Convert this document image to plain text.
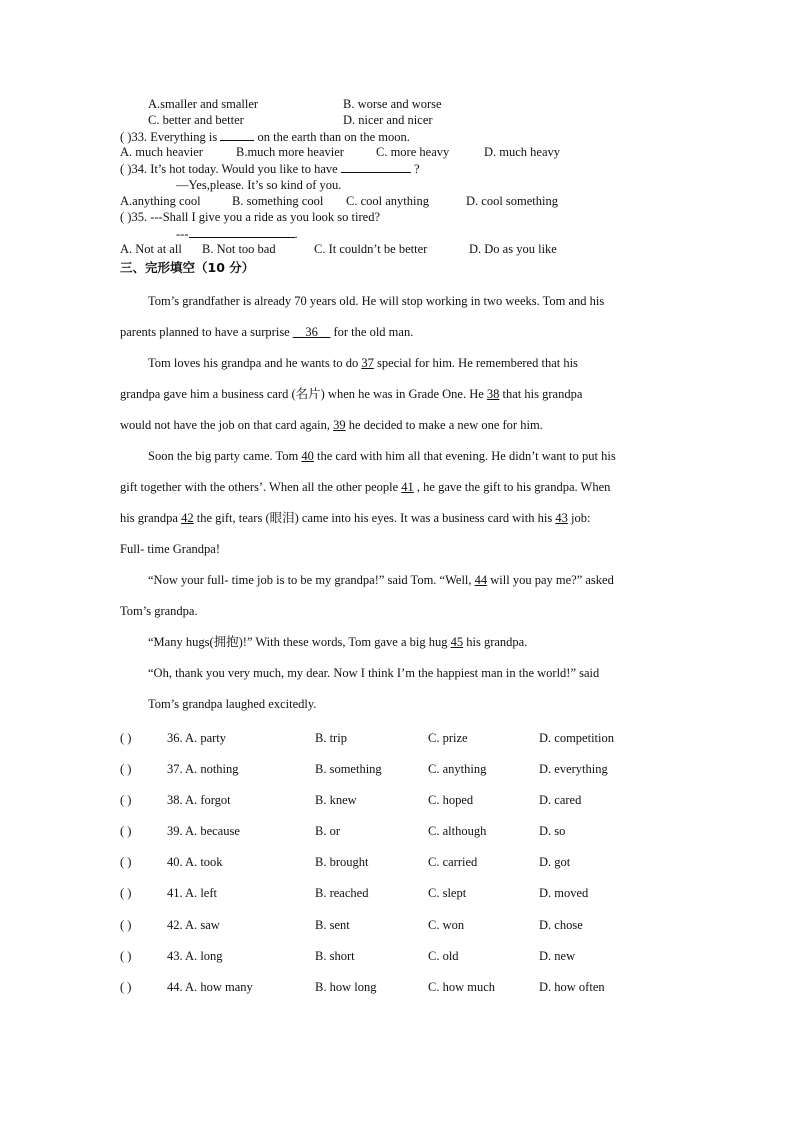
A.smaller and smaller	B. worse and worse
C. better and better	D. nicer and nicer
( )33. Everything is	on the earth than on the moon.
A. much heavier	B.much more heavier	C. more heavy	D. much heavy
( )34. It’s hot today. Would you like to have	?
—Yes,please. It’s so kind of you.
A.anything cool	B. something cool C. cool anything	D. cool something
( )35. ---Shall I give you a ride as you look so tired?
---	.
A. Not at all B. Not too bad	C. It couldn’t be better	D. Do as you like
三、完形填空（10 分）
Tom’s grandfather is already 70 years old. He will stop working in two weeks. Tom and his
parents planned to have a surprise __36__ for the old man.
Tom loves his grandpa and he wants to do 37 special for him. He remembered that his
grandpa gave him a business card (名片) when he was in Grade One. He 38 that his grandpa
would not have the job on that card again, 39 he decided to make a new one for him.
Soon the big party came. Tom 40 the card with him all that evening. He didn’t want to put his
gift together with the others’. When all the other people 41 , he gave the gift to his grandpa. When
his grandpa 42 the gift, tears (眼泪) came into his eyes. It was a business card with his 43 job:
Full- time Grandpa!
“Now your full- time job is to be my grandpa!” said Tom. “Well, 44 will you pay me?” asked
Tom’s grandpa.
“Many hugs(拥抱)!” With these words, Tom gave a big hug 45 his grandpa.
“Oh, thank you very much, my dear. Now I think I’m the happiest man in the world!” said
Tom’s grandpa laughed excitedly.
( )	36. A. party	B. trip	C. prize	D. competition
( )	37. A. nothing	B. something	C. anything	D. everything
( )	38. A. forgot	B. knew	C. hoped	D. cared
( )	39. A. because	B. or	C. although	D. so
( )	40. A. took	B. brought	C. carried	D. got
( )	41. A. left	B. reached	C. slept	D. moved
( )	42. A. saw	B. sent	C. won	D. chose
( )	43. A. long	B. short	C. old	D. new
( )	44. A. how many	B. how long	C. how much	D. how often
